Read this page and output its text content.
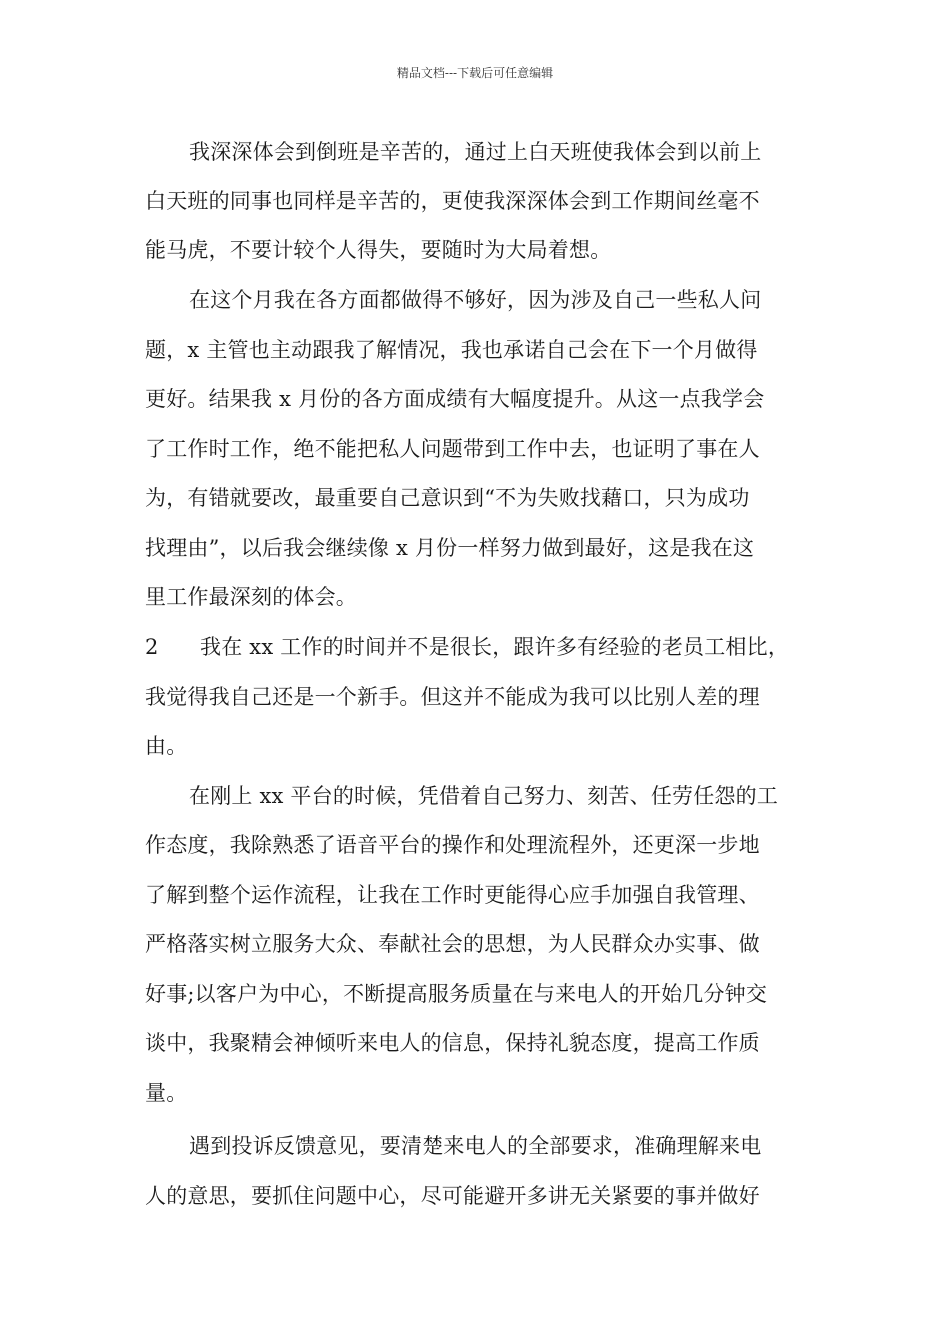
精品文档---下载后可任意编辑

我深深体会到倒班是辛苦的，通过上白天班使我体会到以前上

白天班的同事也同样是辛苦的，更使我深深体会到工作期间丝毫不

能马虎，不要计较个人得失，要随时为大局着想。

在这个月我在各方面都做得不够好，因为涉及自己一些私人问

题，x 主管也主动跟我了解情况，我也承诺自己会在下一个月做得

更好。结果我 x 月份的各方面成绩有大幅度提升。从这一点我学会

了工作时工作，绝不能把私人问题带到工作中去，也证明了事在人

为，有错就要改，最重要自己意识到“不为失败找藉口，只为成功

找理由”，以后我会继续像 x 月份一样努力做到最好，这是我在这

里工作最深刻的体会。

2 我在 xx 工作的时间并不是很长，跟许多有经验的老员工相比，

我觉得我自己还是一个新手。但这并不能成为我可以比别人差的理

由。

在刚上 xx 平台的时候，凭借着自己努力、刻苦、任劳任怨的工

作态度，我除熟悉了语音平台的操作和处理流程外，还更深一步地

了解到整个运作流程，让我在工作时更能得心应手加强自我管理、

严格落实树立服务大众、奉献社会的思想，为人民群众办实事、做

好事;以客户为中心，不断提高服务质量在与来电人的开始几分钟交

谈中，我聚精会神倾听来电人的信息，保持礼貌态度，提高工作质

量。

遇到投诉反馈意见，要清楚来电人的全部要求，准确理解来电

人的意思，要抓住问题中心，尽可能避开多讲无关紧要的事并做好
